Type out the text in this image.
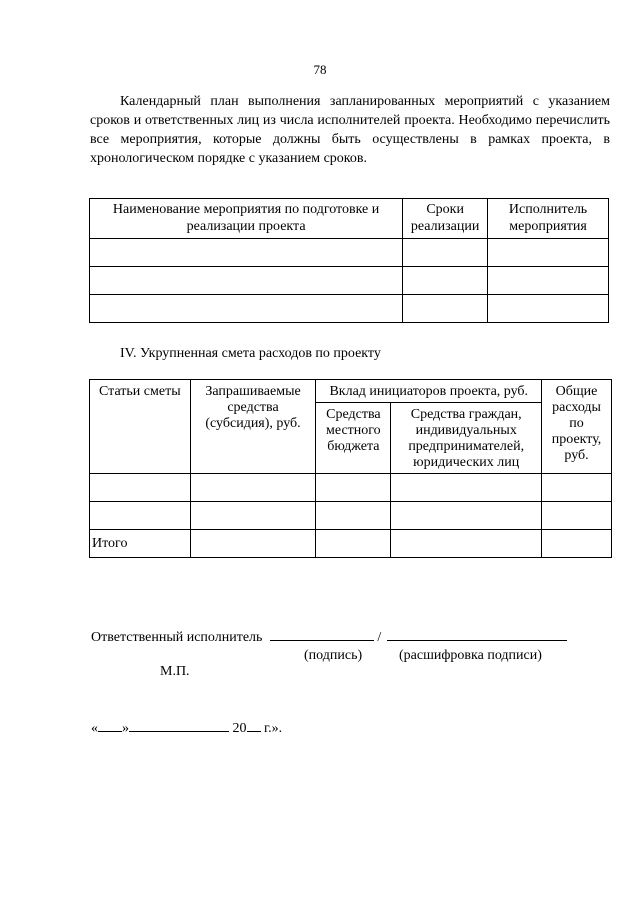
78

Календарный план выполнения запланированных мероприятий с указанием сроков и ответственных лиц из числа исполнителей проекта. Необходимо перечислить все мероприятия, которые должны быть осуществлены в рамках проекта, в хронологическом порядке с указанием сроков.

Наименование мероприятия по подготовке и реализации проекта	Сроки реализации	Исполнитель мероприятия

IV. Укрупненная смета расходов по проекту

Статьи сметы	Запрашиваемые средства (субсидия), руб.	Вклад инициаторов проекта, руб.		Общие расходы по проекту, руб.
		Средства местного бюджета	Средства граждан, индивидуальных предпринимателей, юридических лиц	

Итого				
Ответственный исполнитель	/
(подпись)	(расшифровка подписи)
М.П.
« »	20 г.».
